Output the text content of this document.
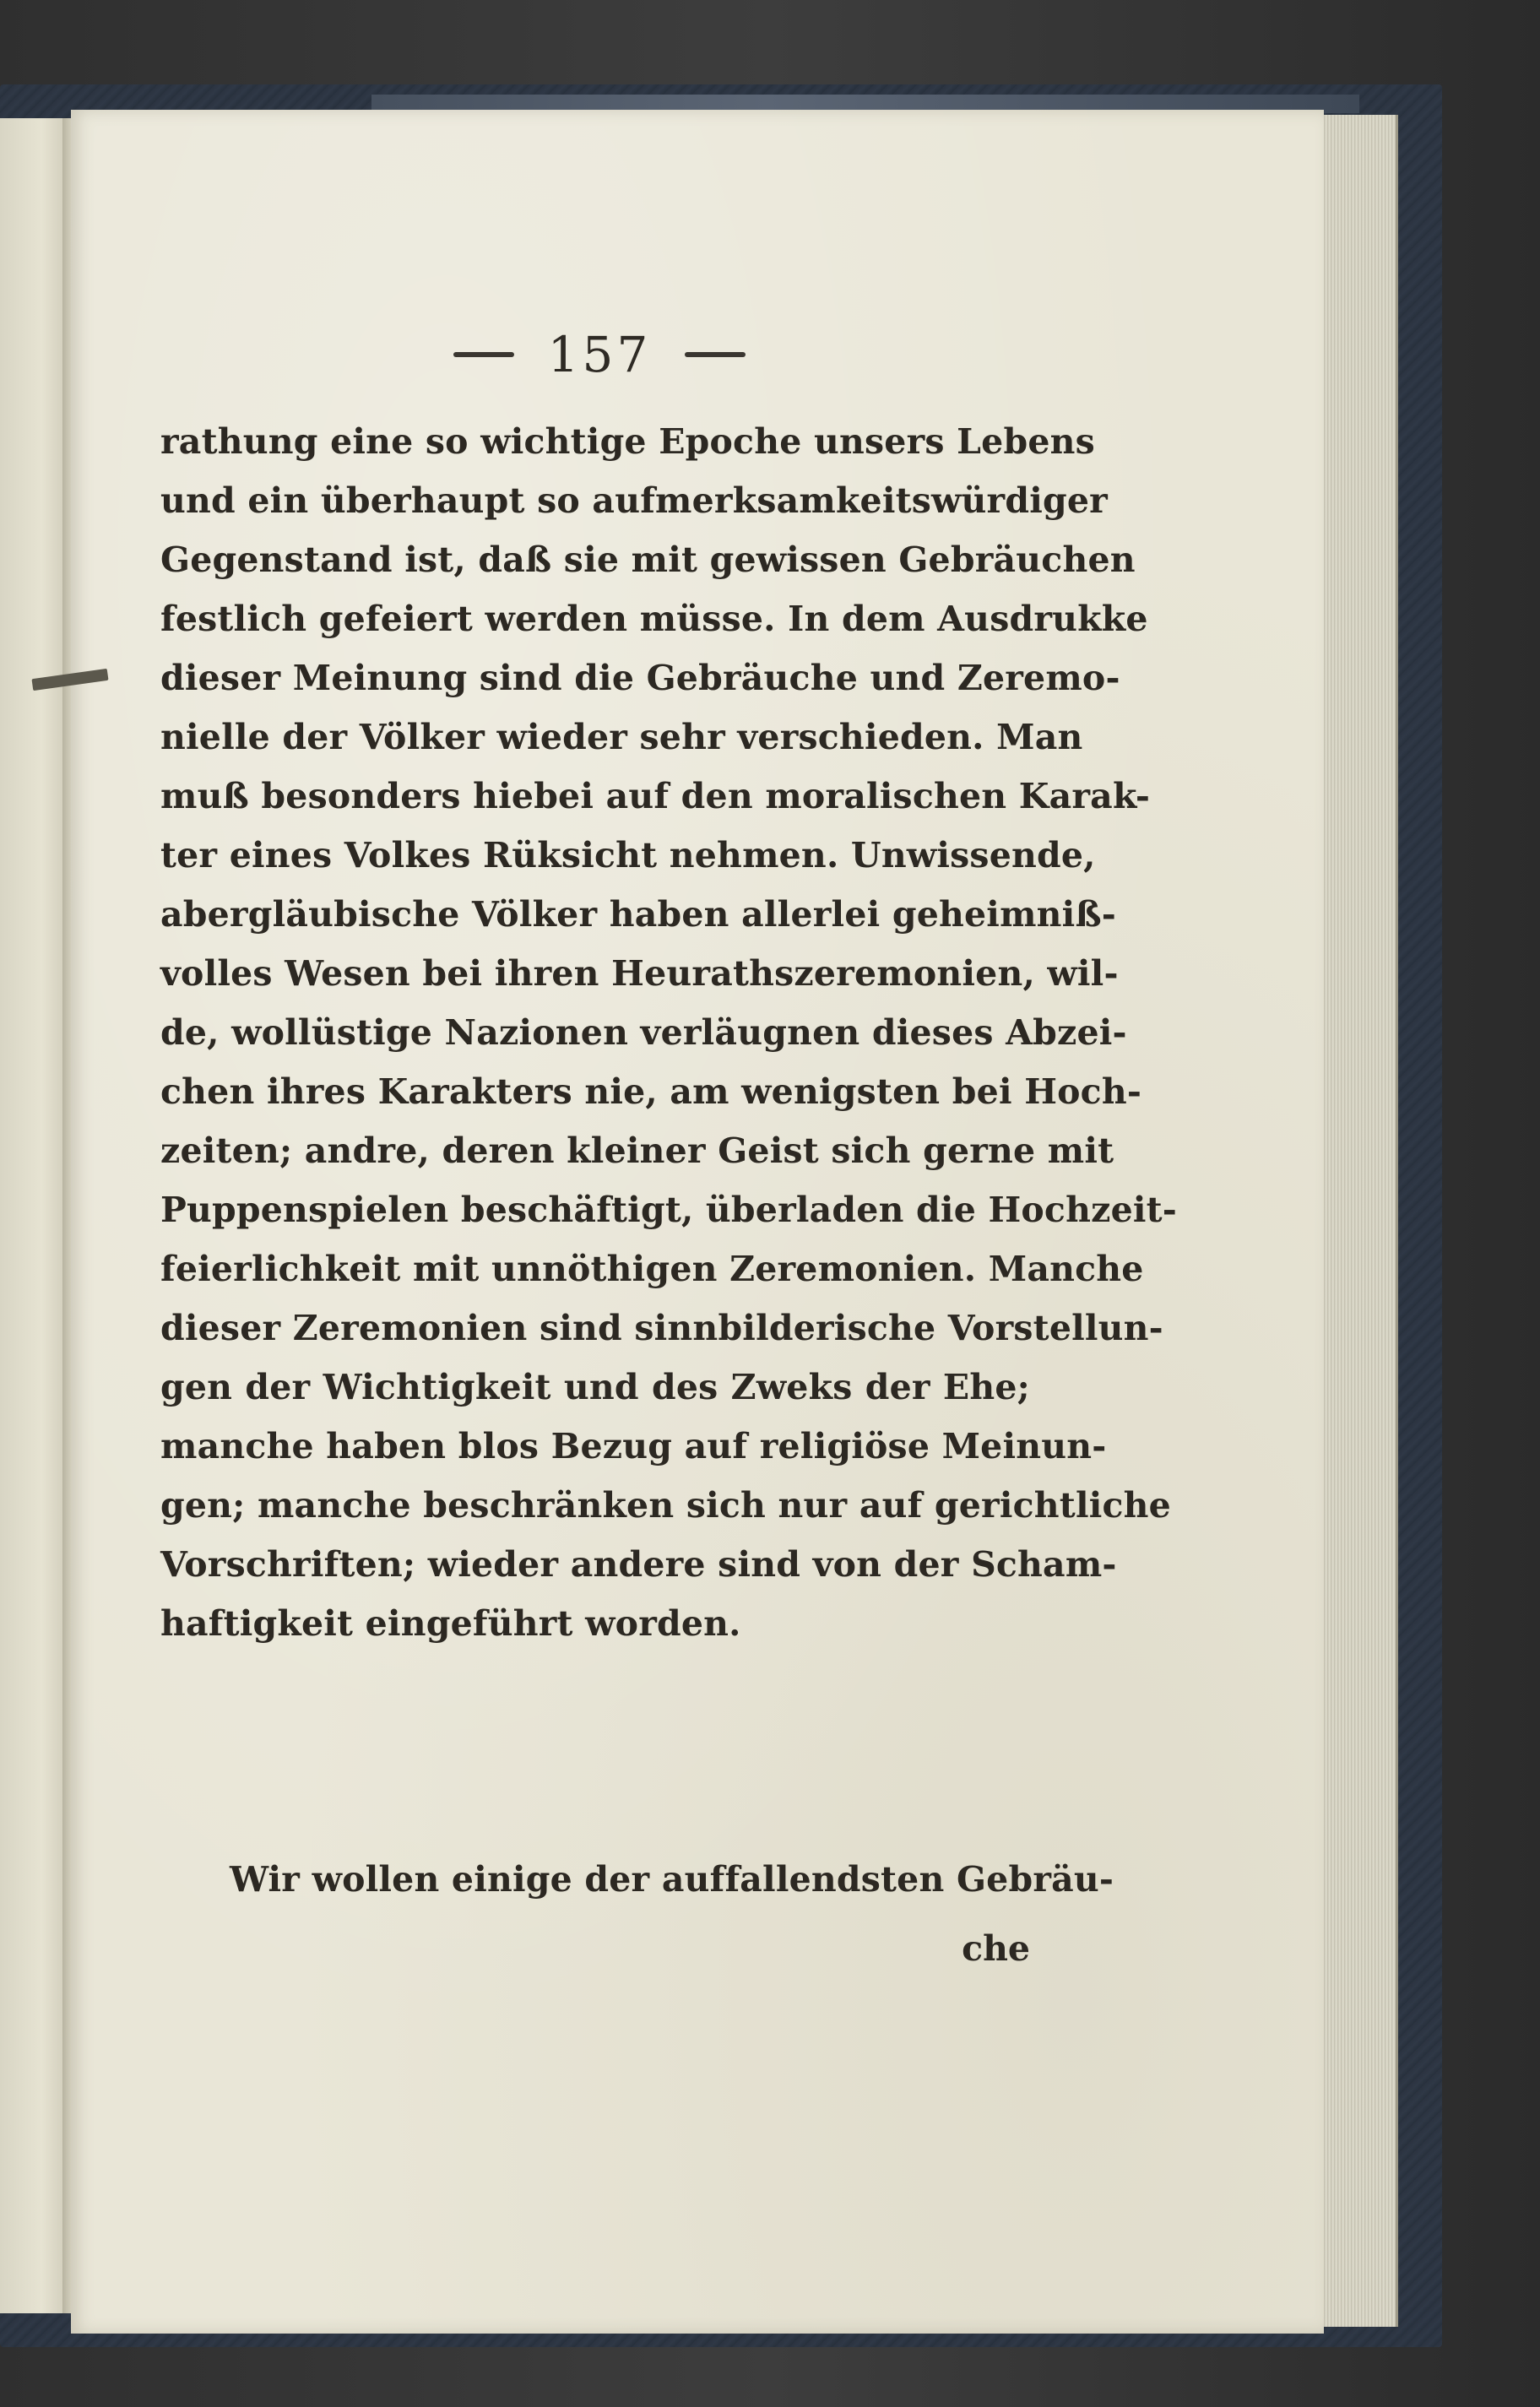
157
rathung eine so wichtige Epoche unsers Lebens
und ein überhaupt so aufmerksamkeitswürdiger
Gegenstand ist, daß sie mit gewissen Gebräuchen
festlich gefeiert werden müsse. In dem Ausdrukke
dieser Meinung sind die Gebräuche und Zeremo-
nielle der Völker wieder sehr verschieden. Man
muß besonders hiebei auf den moralischen Karak-
ter eines Volkes Rüksicht nehmen. Unwissende,
abergläubische Völker haben allerlei geheimniß-
volles Wesen bei ihren Heurathszeremonien, wil-
de, wollüstige Nazionen verläugnen dieses Abzei-
chen ihres Karakters nie, am wenigsten bei Hoch-
zeiten; andre, deren kleiner Geist sich gerne mit
Puppenspielen beschäftigt, überladen die Hochzeit-
feierlichkeit mit unnöthigen Zeremonien. Manche
dieser Zeremonien sind sinnbilderische Vorstellun-
gen der Wichtigkeit und des Zweks der Ehe;
manche haben blos Bezug auf religiöse Meinun-
gen; manche beschränken sich nur auf gerichtliche
Vorschriften; wieder andere sind von der Scham-
haftigkeit eingeführt worden.
Wir wollen einige der auffallendsten Gebräu-
che
